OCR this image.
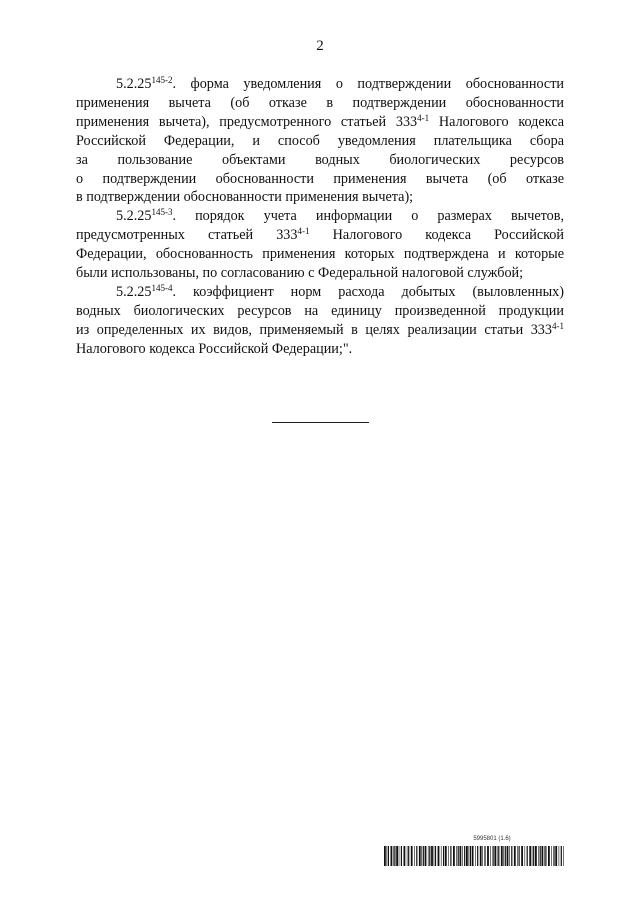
2
5.2.25$^{145-2}$. форма уведомления о подтверждении обоснованности
применения вычета (об отказе в подтверждении обоснованности
применения вычета), предусмотренного статьей 333$^{4-1}$ Налогового кодекса
Российской Федерации, и способ уведомления плательщика сбора
за пользование объектами водных биологических ресурсов
о подтверждении обоснованности применения вычета (об отказе
в подтверждении обоснованности применения вычета);
5.2.25$^{145-3}$. порядок учета информации о размерах вычетов,
предусмотренных статьей 333$^{4-1}$ Налогового кодекса Российской
Федерации, обоснованность применения которых подтверждена и которые
были использованы, по согласованию с Федеральной налоговой службой;
5.2.25$^{145-4}$. коэффициент норм расхода добытых (выловленных)
водных биологических ресурсов на единицу произведенной продукции
из определенных их видов, применяемый в целях реализации статьи 333$^{4-1}$
Налогового кодекса Российской Федерации;".
5995801 (1.6)
